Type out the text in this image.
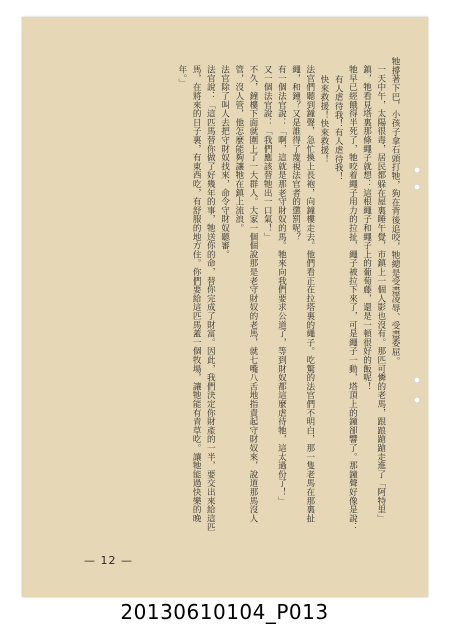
牠撐著下巴，小孩子拿石頭打牠，狗在背後追咬，牠總是受盡凌辱、受盡委屈。

一天中午，太陽很毒，居民都躲在屋裏睡午覺，市鎮上一個人影也沒有。那匹可憐的老馬，跟踉蹌蹌走進了「阿特里」鎮，牠看見塔裏那條繩子就想：這根繩子和繩子上的葡萄藤，還是一頓很好的飯呢！

牠早已經餓得半死了，牠咬着繩子用力的拉扯，繩子被拉下來了，可是繩子一動，塔頂上的鐘卻響了。那鐘聲好像是說：

有人虐待我！有人虐待我！

快來救援！快來救援！

法官們聽到鐘聲，急忙換上長袍，向鐘樓走去。他們看正在拉塔裏的繩子。吃驚的法官們不明白，那一隻老馬在那裏扯繩，和鐘？又是誰得了蔑視法官者的懲罰呢？

有一個法官說：「啊，這就是那老守財奴的馬。牠來向我們要求公道了，等到財奴都這麼虐待牠，這太過份了！」

又一個法官說：「我們應該替牠出一口氣！」

不久，鐘樓下面就圍上了一大群人。大家一個個說那是老守財奴的老馬，就七嘴八舌地指責起守財奴來，說道那馬沒人管，沒人管，他怎麼能夠讓牠在鎮上流浪。

法官除了叫人去把守財奴找來，命令守財奴聽審。

法官說：「這匹馬替你做了好幾年的事，牠送你的命，替你完成了財富。因此，我們決定你財產的一半，要交出來給這匹馬，在將來的日子裏，有東西吃，有舒服的地方住。你們要給這匹馬蓋一個牧場，讓牠能有青草吃。讓牠能過快樂的晚年。」

— 12 —
20130610104_P013
